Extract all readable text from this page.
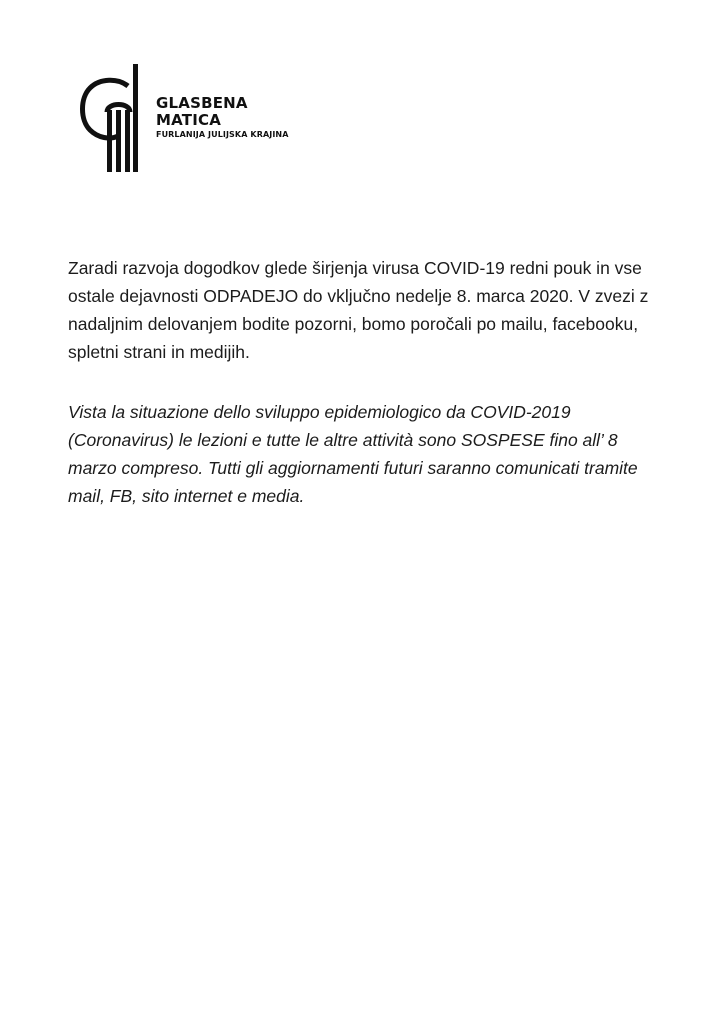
GLASBENA
MATICA
FURLANIJA JULIJSKA KRAJINA

Zaradi razvoja dogodkov glede širjenja virusa COVID-19 redni pouk in vse ostale dejavnosti ODPADEJO do vključno nedelje 8. marca 2020. V zvezi z nadaljnim delovanjem bodite pozorni, bomo poročali po mailu, facebooku, spletni strani in medijih.

Vista la situazione dello sviluppo epidemiologico da COVID-2019 (Coronavirus) le lezioni e tutte le altre attività sono SOSPESE fino all’ 8 marzo compreso. Tutti gli aggiornamenti futuri saranno comunicati tramite mail, FB, sito internet e media.
